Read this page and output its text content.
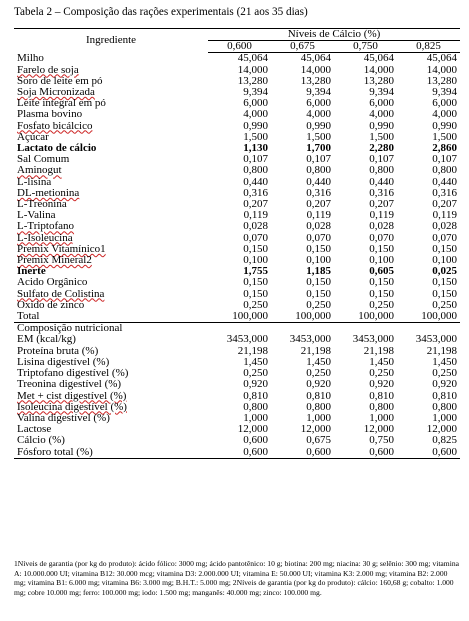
Tabela 2 – Composição das rações experimentais (21 aos 35 dias)
Ingrediente	Níveis de Cálcio (%)			
	0,600	0,675	0,750	0,825
Milho	45,064	45,064	45,064	45,064
Farelo de soja	14,000	14,000	14,000	14,000
Soro de leite em pó	13,280	13,280	13,280	13,280
Soja Micronizada	9,394	9,394	9,394	9,394
Leite integral em pó	6,000	6,000	6,000	6,000
Plasma bovino	4,000	4,000	4,000	4,000
Fosfato bicálcico	0,990	0,990	0,990	0,990
Açúcar	1,500	1,500	1,500	1,500
Lactato de cálcio	1,130	1,700	2,280	2,860
Sal Comum	0,107	0,107	0,107	0,107
Aminogut	0,800	0,800	0,800	0,800
L-lisina	0,440	0,440	0,440	0,440
DL-metionina	0,316	0,316	0,316	0,316
L-Treonina	0,207	0,207	0,207	0,207
L-Valina	0,119	0,119	0,119	0,119
L-Triptofano	0,028	0,028	0,028	0,028
L-Isoleucina	0,070	0,070	0,070	0,070
Premix Vitamínico1	0,150	0,150	0,150	0,150
Premix Mineral2	0,100	0,100	0,100	0,100
Inerte	1,755	1,185	0,605	0,025
Acido Orgânico	0,150	0,150	0,150	0,150
Sulfato de Colistina	0,150	0,150	0,150	0,150
Oxido de zinco	0,250	0,250	0,250	0,250
Total	100,000	100,000	100,000	100,000
Composição nutricional				
EM (kcal/kg)	3453,000	3453,000	3453,000	3453,000
Proteína bruta (%)	21,198	21,198	21,198	21,198
Lisina digestível (%)	1,450	1,450	1,450	1,450
Triptofano digestível (%)	0,250	0,250	0,250	0,250
Treonina digestível (%)	0,920	0,920	0,920	0,920
Met + cist digestível (%)	0,810	0,810	0,810	0,810
Isoleucina digestível (%)	0,800	0,800	0,800	0,800
Valina digestível (%)	1,000	1,000	1,000	1,000
Lactose	12,000	12,000	12,000	12,000
Cálcio (%)	0,600	0,675	0,750	0,825
Fósforo total (%)	0,600	0,600	0,600	0,600
1Níveis de garantia (por kg do produto): ácido fólico: 3000 mg; ácido pantotênico: 10 g; biotina: 200 mg; niacina: 30 g; selênio: 300 mg; vitamina A: 10.000.000 UI; vitamina B12: 30.000 mcg; vitamina D3: 2.000.000 UI; vitamina E: 50.000 UI; vitamina K3: 2.000 mg; vitamina B2: 2.000 mg; vitamina B1: 6.000 mg; vitamina B6: 3.000 mg; B.H.T.: 5.000 mg; 2Níveis de garantia (por kg do produto): cálcio: 160,68 g; cobalto: 1.000 mg; cobre 10.000 mg; ferro: 100.000 mg; iodo: 1.500 mg; manganês: 40.000 mg; zinco: 100.000 mg.
